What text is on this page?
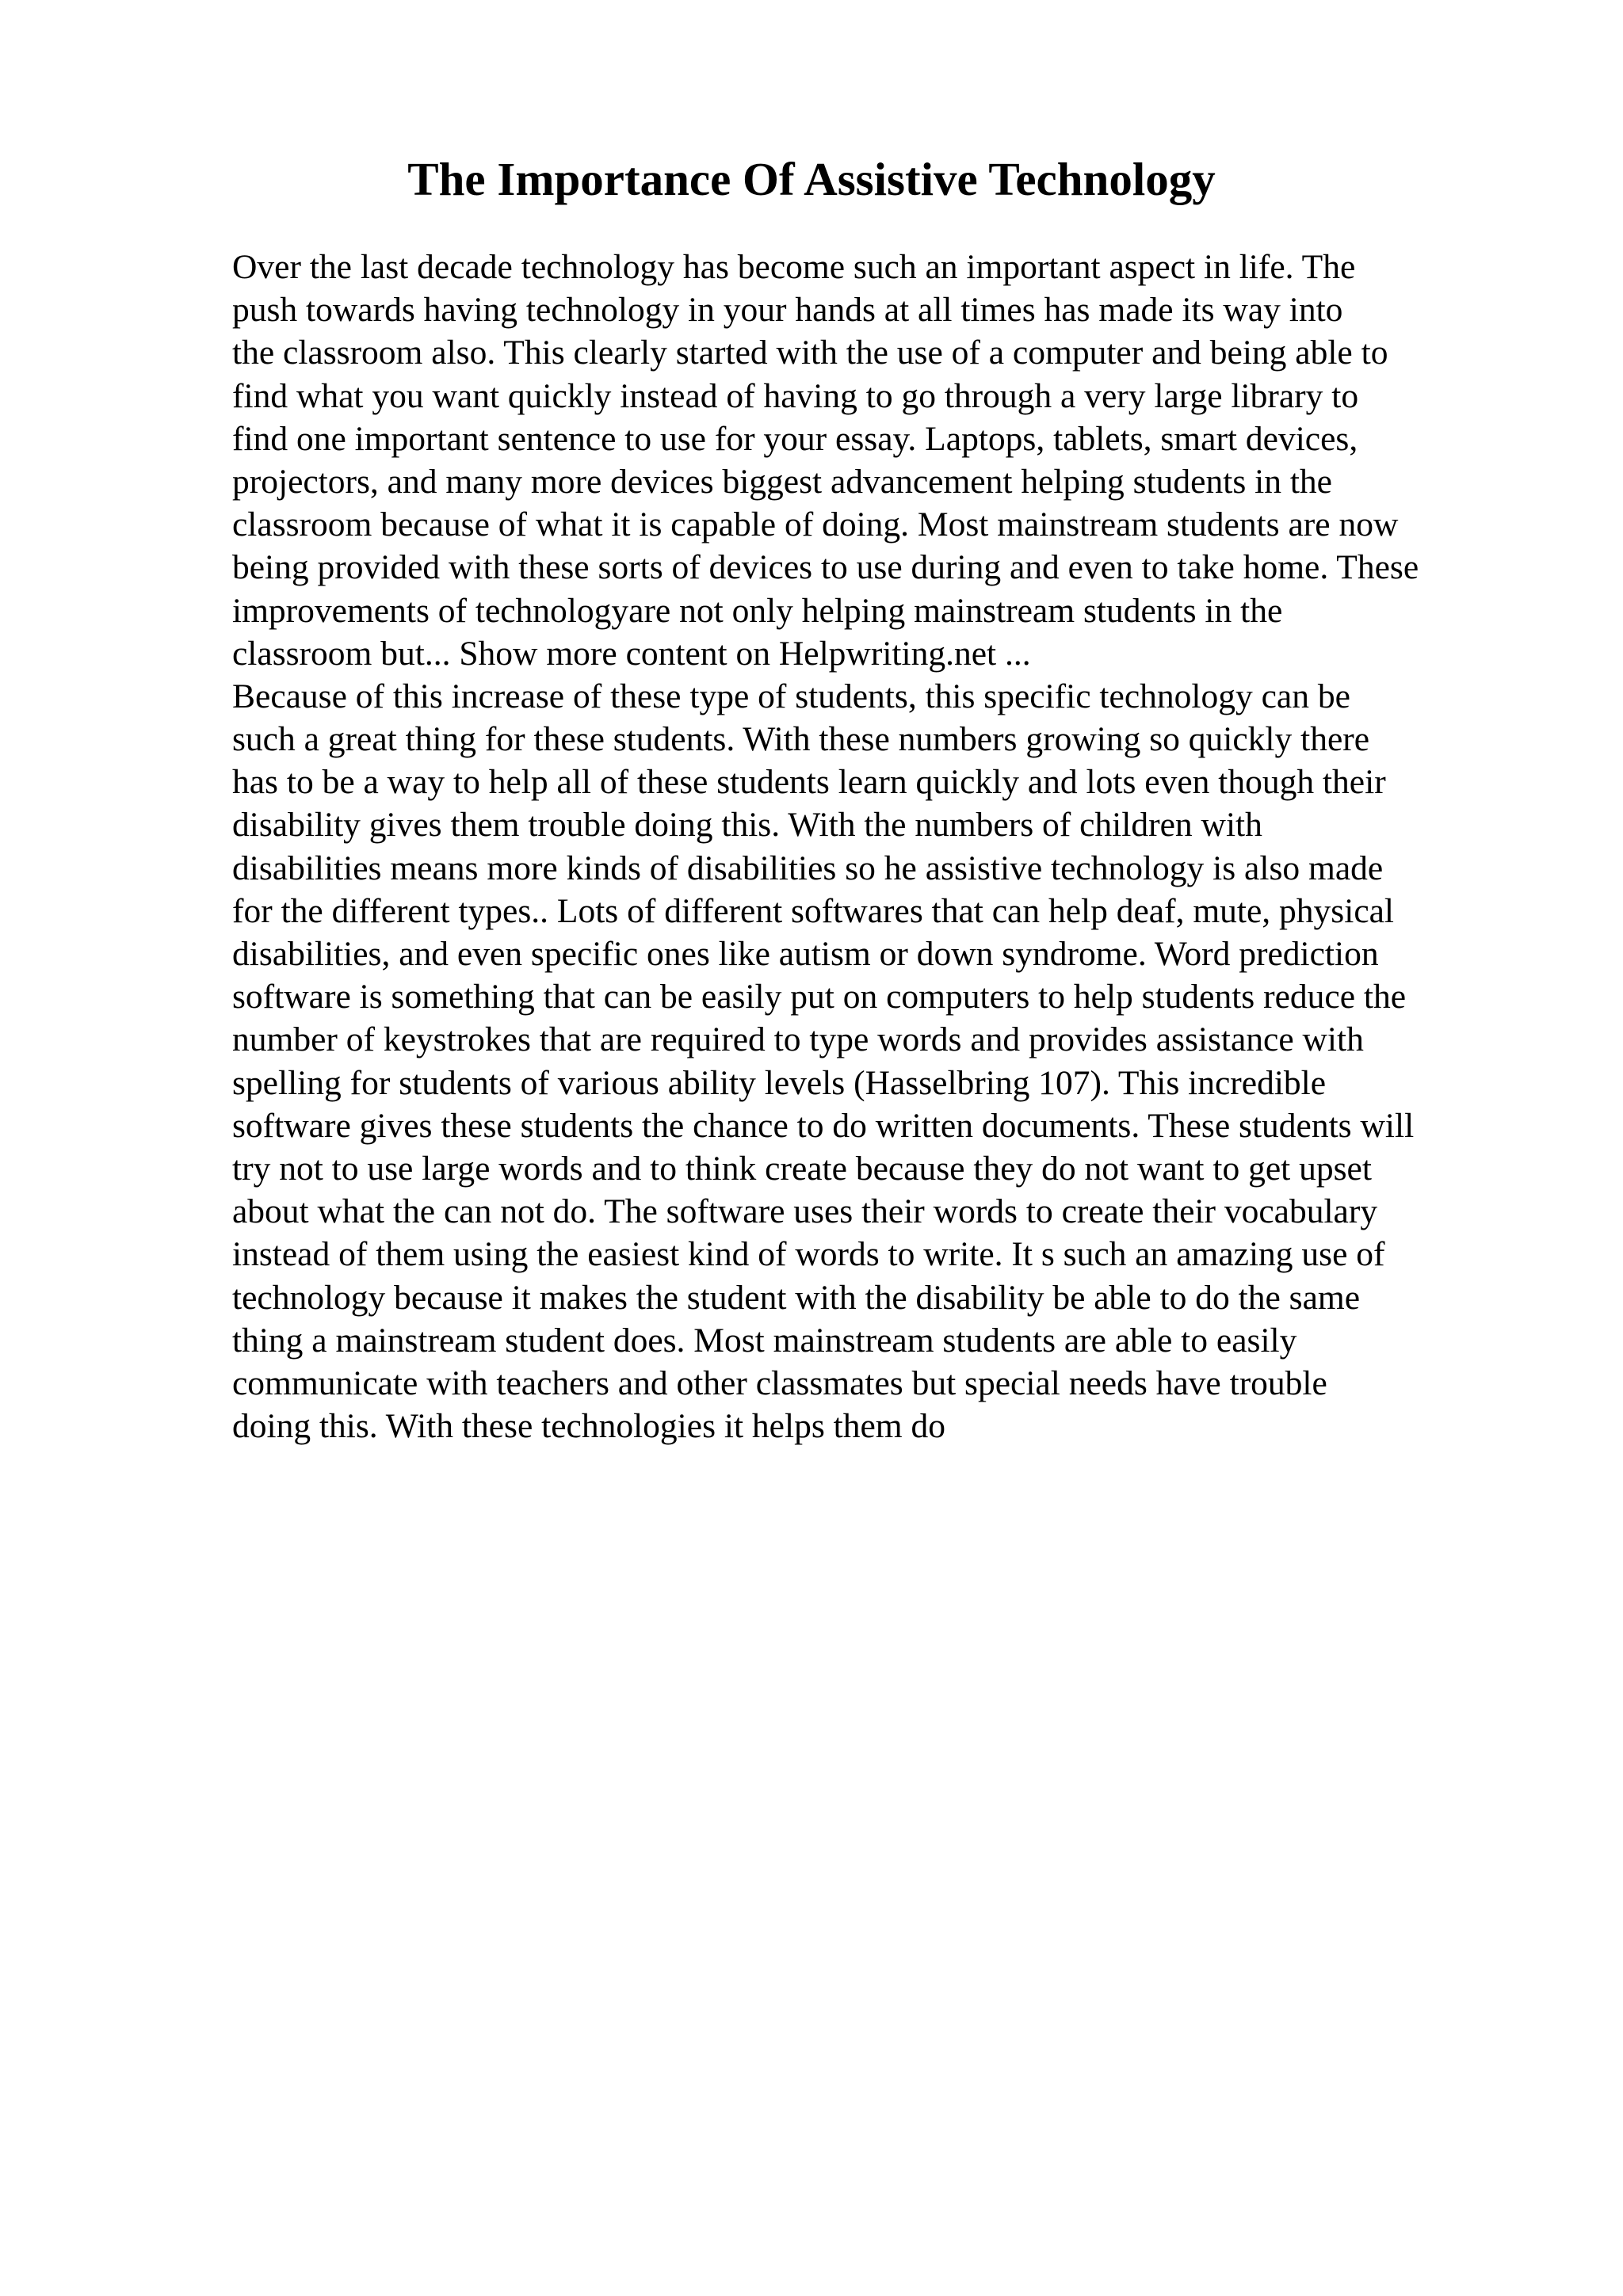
The Importance Of Assistive Technology
Over the last decade technology has become such an important aspect in life. The
push towards having technology in your hands at all times has made its way into
the classroom also. This clearly started with the use of a computer and being able to
find what you want quickly instead of having to go through a very large library to
find one important sentence to use for your essay. Laptops, tablets, smart devices,
projectors, and many more devices biggest advancement helping students in the
classroom because of what it is capable of doing. Most mainstream students are now
being provided with these sorts of devices to use during and even to take home. These
improvements of technologyare not only helping mainstream students in the
classroom but... Show more content on Helpwriting.net ...
Because of this increase of these type of students, this specific technology can be
such a great thing for these students. With these numbers growing so quickly there
has to be a way to help all of these students learn quickly and lots even though their
disability gives them trouble doing this. With the numbers of children with
disabilities means more kinds of disabilities so he assistive technology is also made
for the different types.. Lots of different softwares that can help deaf, mute, physical
disabilities, and even specific ones like autism or down syndrome. Word prediction
software is something that can be easily put on computers to help students reduce the
number of keystrokes that are required to type words and provides assistance with
spelling for students of various ability levels (Hasselbring 107). This incredible
software gives these students the chance to do written documents. These students will
try not to use large words and to think create because they do not want to get upset
about what the can not do. The software uses their words to create their vocabulary
instead of them using the easiest kind of words to write. It s such an amazing use of
technology because it makes the student with the disability be able to do the same
thing a mainstream student does. Most mainstream students are able to easily
communicate with teachers and other classmates but special needs have trouble
doing this. With these technologies it helps them do
